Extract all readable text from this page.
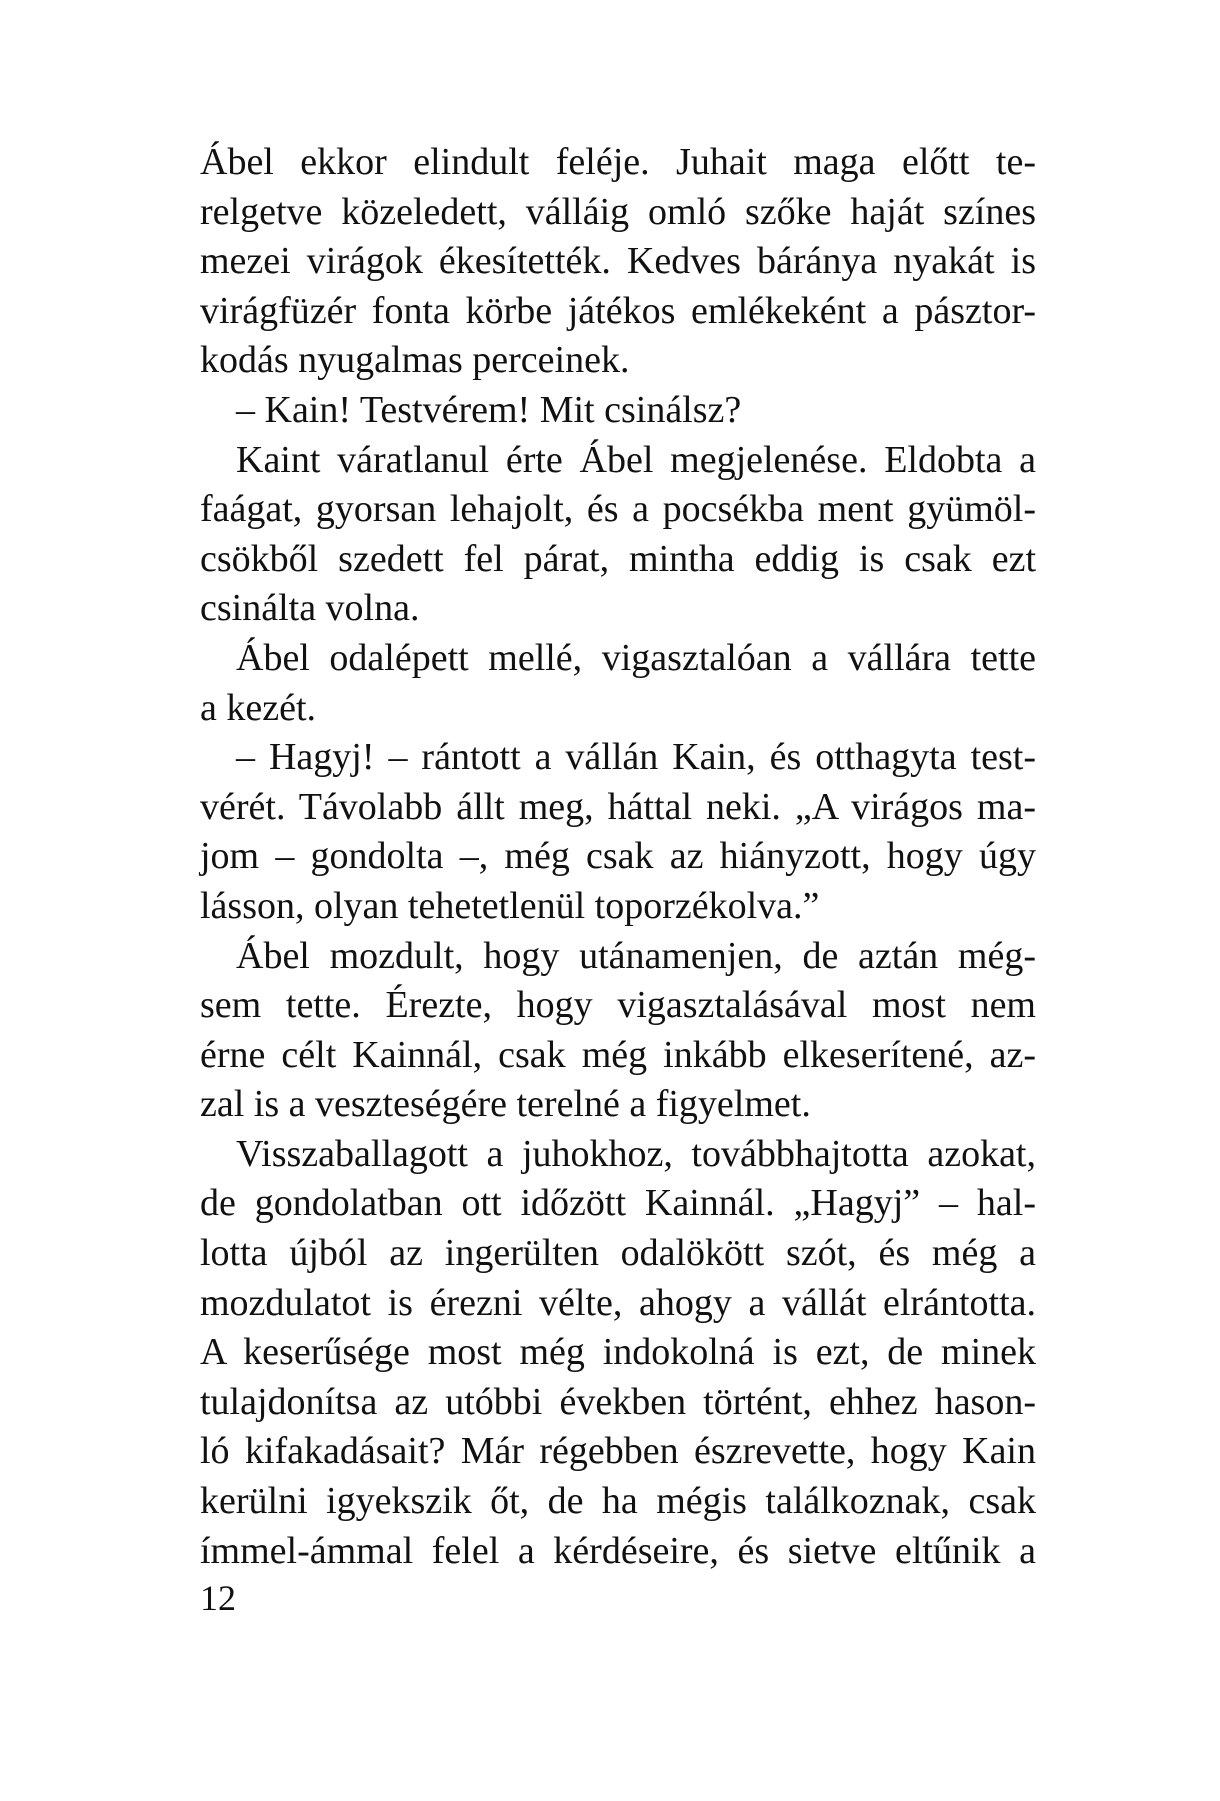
Ábel ekkor elindult feléje. Juhait maga előtt te-
relgetve közeledett, vállái‍g omló szőke haját színes
mezei virágok ékesítették. Kedves báránya nyakát is
virágfüzér fonta körbe játékos emlékeként a pásztor-
kodás nyugalmas perceinek.
– Kain! Testvérem! Mit csinálsz?
Kaint váratlanul érte Ábel megjelenése. Eldobta a
faágat, gyorsan lehajolt, és a pocsékba ment gyümöl-
csökből szedett fel párat, mintha eddig is csak ezt
csinálta volna.
Ábel odalépett mellé, vigasztalóan a vállára tette
a kezét.
– Hagyj! – rántott a vállán Kain, és otthagyta test-
vérét. Távolabb állt meg, háttal neki. „A virágos ma-
jom – gondolta –, még csak az hiányzott, hogy úgy
lásson, olyan tehetetlenül toporzékolva.”
Ábel mozdult, hogy utánamenjen, de aztán még-
sem tette. Érezte, hogy vigasztalásával most nem
érne célt Kainnál, csak még inkább elkeserítené, az-
zal is a veszteségére terelné a figyelmet.
Visszaballagott a juhokhoz, továbbhajtotta azokat,
de gondolatban ott időzött Kainnál. „Hagyj” – hal-
lotta újból az ingerülten odalökött szót, és még a
mozdulatot is érezni vélte, ahogy a vállát elrántotta.
A keserűsége most még indokolná is ezt, de minek
tulajdonítsa az utóbbi években történt, ehhez hason-
ló kifakadásait? Már régebben észrevette, hogy Kain
kerülni igyekszik őt, de ha mégis találkoznak, csak
ímmel-ámmal felel a kérdéseire, és sietve eltűnik a
12
